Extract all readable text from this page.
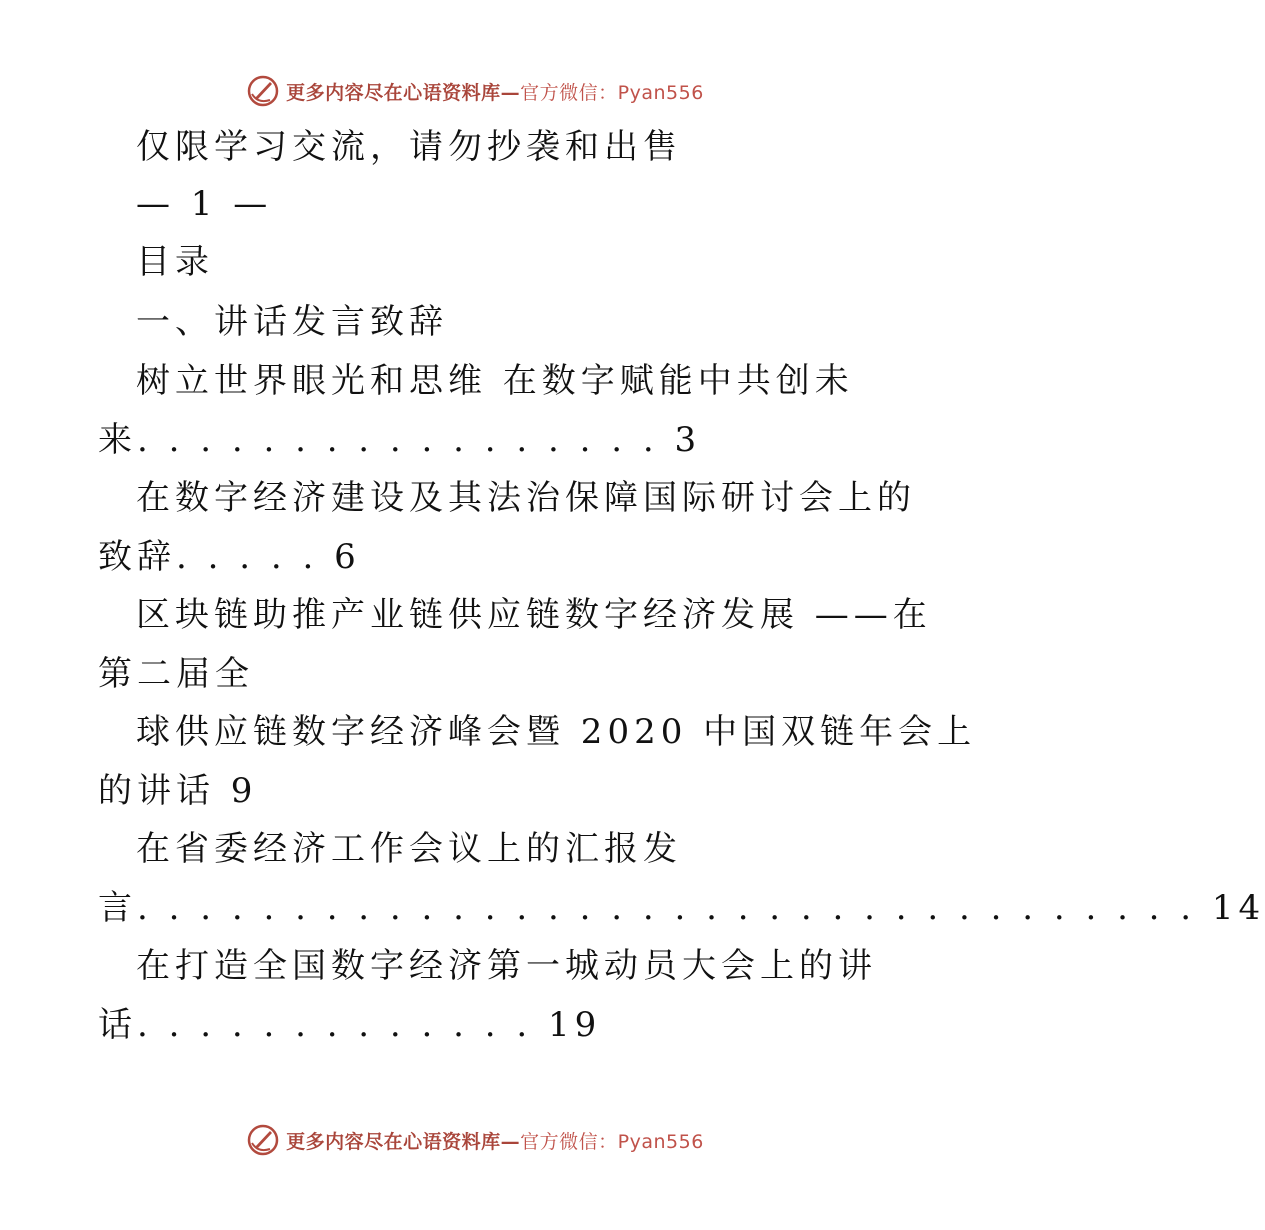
更多内容尽在心语资料库—官方微信：Pyan556
仅限学习交流，请勿抄袭和出售
— 1 —
目录
一、讲话发言致辞
树立世界眼光和思维 在数字赋能中共创未
来. . . . . . . . . . . . . . . . . 3
在数字经济建设及其法治保障国际研讨会上的
致辞. . . . . 6
区块链助推产业链供应链数字经济发展 ——在
第二届全
球供应链数字经济峰会暨 2020 中国双链年会上
的讲话 9
在省委经济工作会议上的汇报发
言. . . . . . . . . . . . . . . . . . . . . . . . . . . . . . . . . . 14
在打造全国数字经济第一城动员大会上的讲
话. . . . . . . . . . . . . 19
更多内容尽在心语资料库—官方微信：Pyan556
